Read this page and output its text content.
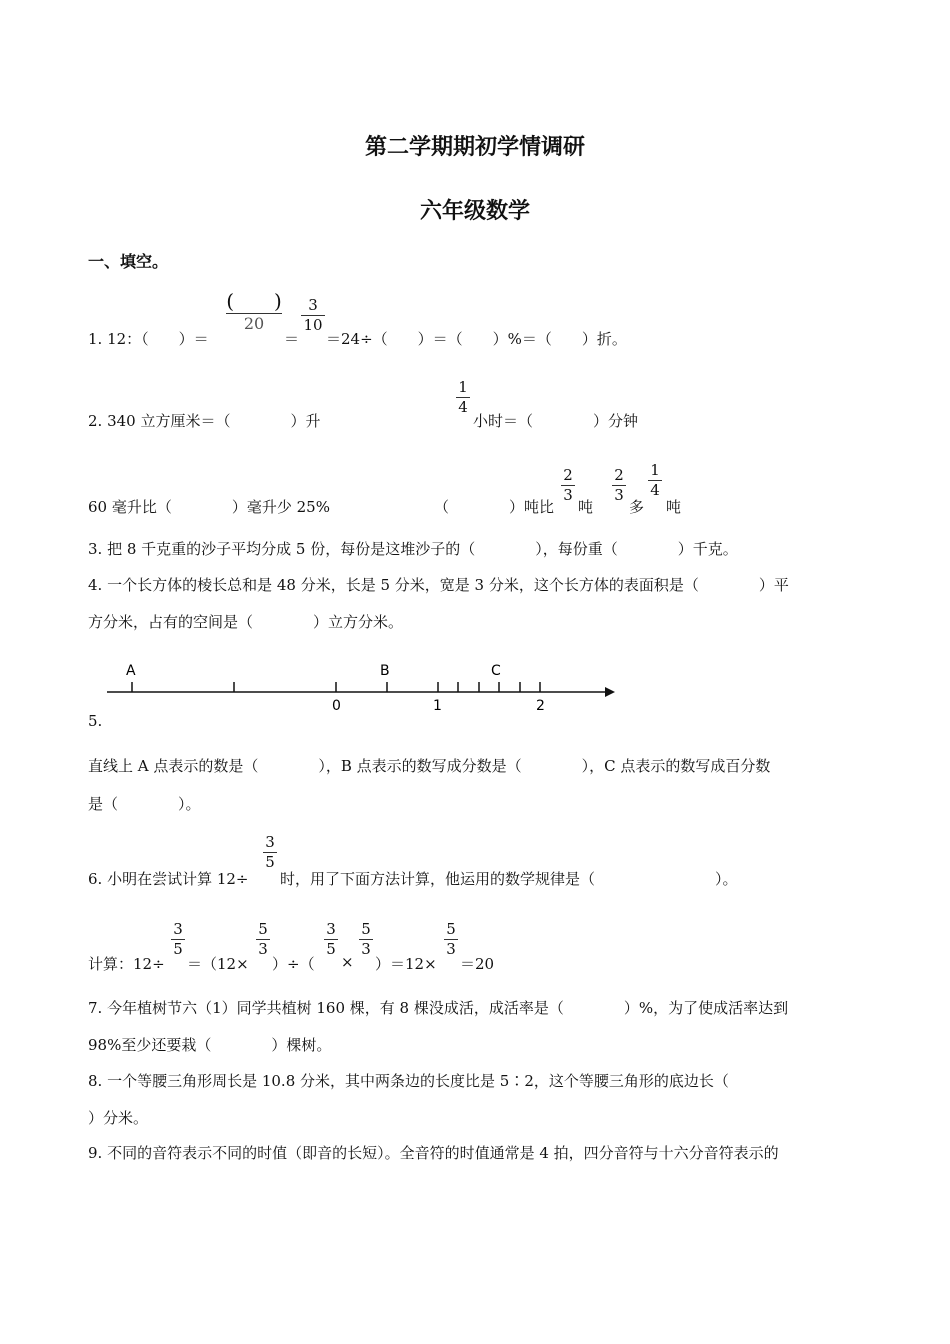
第二学期期初学情调研
六年级数学
一、填空。
1. 12：（　　）＝
(　　)
20
＝
3
10
＝24÷（　　）＝（　　）%＝（　　）折。
2. 340 立方厘米＝（　　　　）升
1
4
小时＝（　　　　）分钟
60 毫升比（　　　　）毫升少 25%	（　　　　）吨比
2
3
吨
2
3
多
1
4
吨
3. 把 8 千克重的沙子平均分成 5 份，每份是这堆沙子的（　　　　），每份重（　　　　）千克。
4. 一个长方体的棱长总和是 48 分米，长是 5 分米，宽是 3 分米，这个长方体的表面积是（　　　　）平
方分米，占有的空间是（　　　　）立方分米。
A	B	C
0	1	2
5.
直线上 A 点表示的数是（　　　　），B 点表示的数写成分数是（　　　　），C 点表示的数写成百分数
是（　　　　）。
6. 小明在尝试计算 12÷
3
5
时，用了下面方法计算，他运用的数学规律是（　　　　　　　　）。
计算：12÷
3
5
＝（12×
5
3
）÷（
3
5
×
5
3
）＝12×
5
3
＝20
7. 今年植树节六（1）同学共植树 160 棵，有 8 棵没成活，成活率是（　　　　）%，为了使成活率达到
98%至少还要栽（　　　　）棵树。
8. 一个等腰三角形周长是 10.8 分米，其中两条边的长度比是 5∶2，这个等腰三角形的底边长（
）分米。
9. 不同的音符表示不同的时值（即音的长短）。全音符的时值通常是 4 拍，四分音符与十六分音符表示的
